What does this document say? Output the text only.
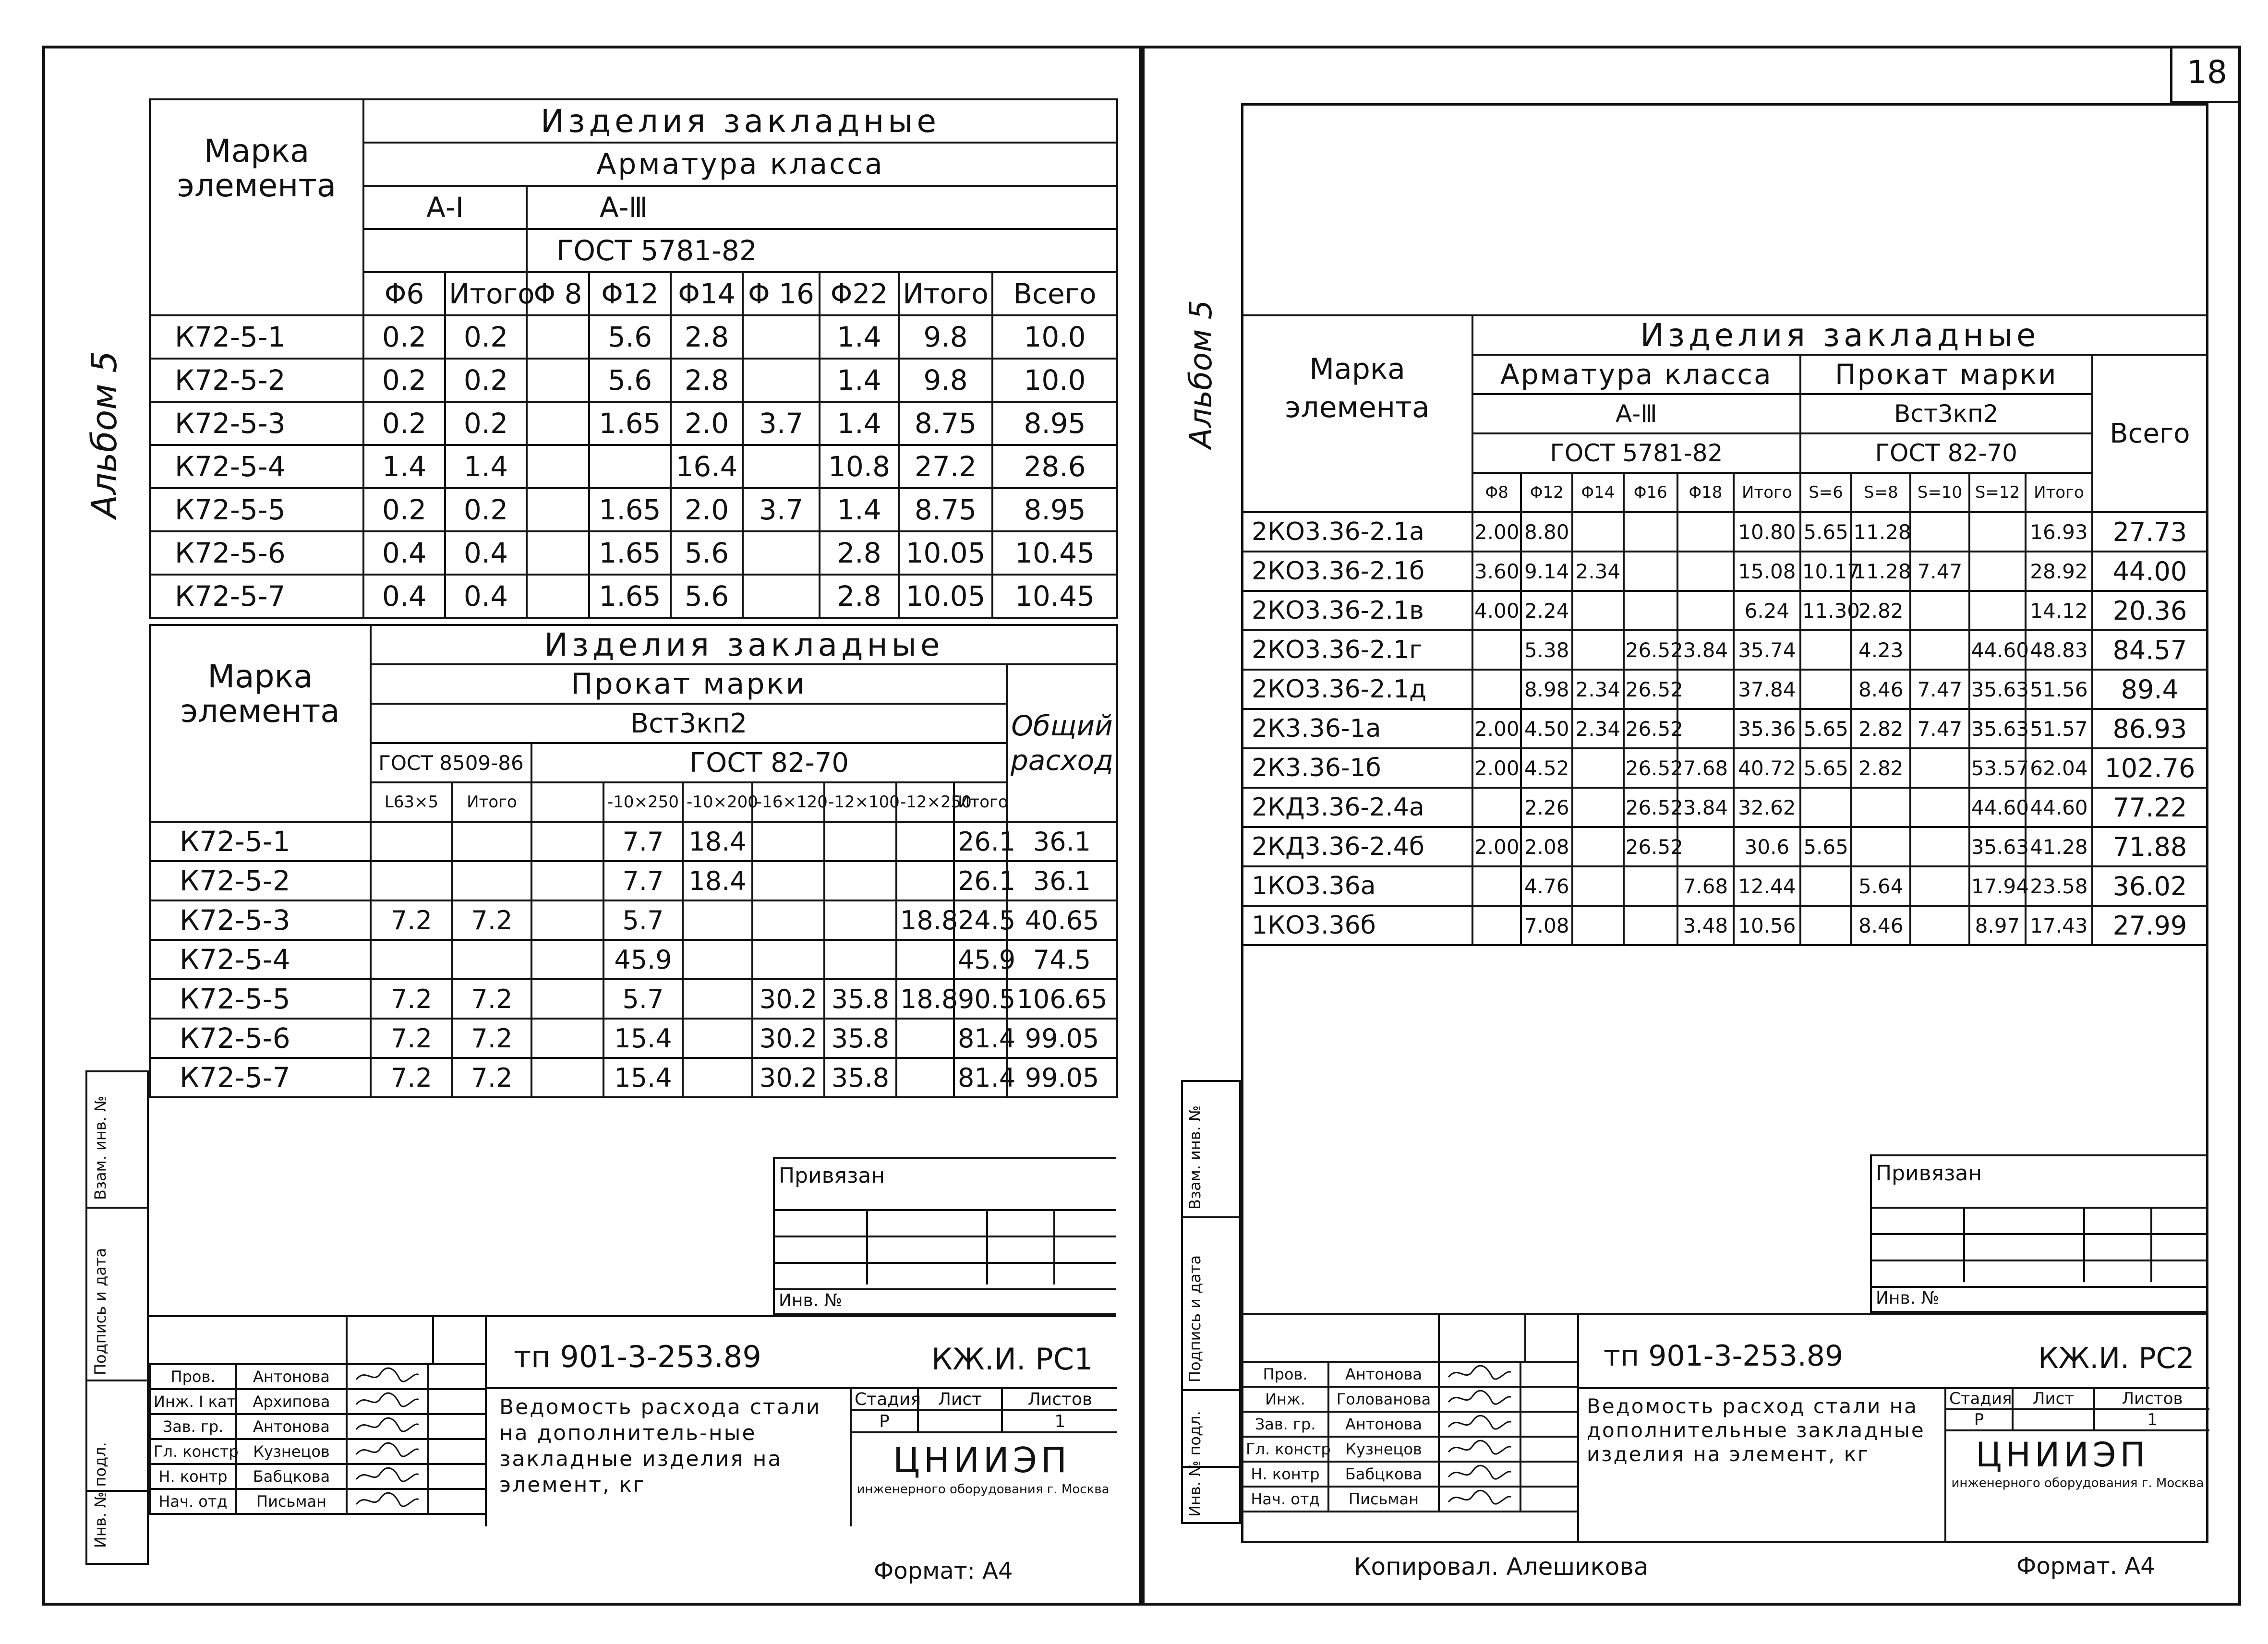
Альбом 5
Марка элемента	Изделия закладные								
	Арматура класса								
	А-I		А-Ⅲ						
			ГОСТ 5781-82						
	Φ6	Итого	Φ 8	Φ12	Φ14	Φ 16	Φ22	Итого	Всего
К72-5-1	0.2	0.2		5.6	2.8		1.4	9.8	10.0
К72-5-2	0.2	0.2		5.6	2.8		1.4	9.8	10.0
К72-5-3	0.2	0.2		1.65	2.0	3.7	1.4	8.75	8.95
К72-5-4	1.4	1.4			16.4		10.8	27.2	28.6
К72-5-5	0.2	0.2		1.65	2.0	3.7	1.4	8.75	8.95
К72-5-6	0.4	0.4		1.65	5.6		2.8	10.05	10.45
К72-5-7	0.4	0.4		1.65	5.6		2.8	10.05	10.45
Марка элемента	Изделия закладные									
	Прокат марки									Общий расход
	Вст3кп2									
	ГОСТ 8509-86		ГОСТ 82-70							
	L63×5	Итого		-10×250	-10×200	-16×120	-12×100	-12×250	Итого	
К72-5-1				7.7	18.4				26.1	36.1
К72-5-2				7.7	18.4				26.1	36.1
К72-5-3	7.2	7.2		5.7				18.8	24.5	40.65
К72-5-4				45.9					45.9	74.5
К72-5-5	7.2	7.2		5.7		30.2	35.8	18.8	90.5	106.65
К72-5-6	7.2	7.2		15.4		30.2	35.8		81.4	99.05
К72-5-7	7.2	7.2		15.4		30.2	35.8		81.4	99.05
Взам. инв. №
Подпись и дата
Инв. № подл.
Привязан
Инв. №
Пров.	Антонова		
Инж. I кат	Архипова		
Зав. гр.	Антонова		
Гл. констр	Кузнецов		
Н. контр	Бабцкова		
Нач. отд	Письман		
тп 901-3-253.89	КЖ.И. РС1
Ведомость расхода стали на дополнитель-ные закладные изделия на элемент, кг
Стадия	Лист	Листов
Р		1
ЦНИИЭП
инженерного оборудования г. Москва
Формат: А4
18
Альбом 5	Марка элемента	Изделия закладные											
	Арматура класса						Прокат марки					Всего
	А-Ⅲ						Вст3кп2					
	ГОСТ 5781-82						ГОСТ 82-70					
	Φ8	Φ12	Φ14	Φ16	Φ18	Итого	S=6	S=8	S=10	S=12	Итого	
2КО3.36-2.1а	2.00	8.80				10.80	5.65	11.28			16.93	27.73
2КО3.36-2.1б	3.60	9.14	2.34			15.08	10.17	11.28	7.47		28.92	44.00
2КО3.36-2.1в	4.00	2.24				6.24	11.30	2.82			14.12	20.36
2КО3.36-2.1г		5.38		26.52	3.84	35.74		4.23		44.60	48.83	84.57
2КО3.36-2.1д		8.98	2.34	26.52		37.84		8.46	7.47	35.63	51.56	89.4
2К3.36-1а	2.00	4.50	2.34	26.52		35.36	5.65	2.82	7.47	35.63	51.57	86.93
2К3.36-1б	2.00	4.52		26.52	7.68	40.72	5.65	2.82		53.57	62.04	102.76
2КД3.36-2.4а		2.26		26.52	3.84	32.62				44.60	44.60	77.22
2КД3.36-2.4б	2.00	2.08		26.52		30.6	5.65			35.63	41.28	71.88
1КО3.36а		4.76			7.68	12.44		5.64		17.94	23.58	36.02
1КО3.36б		7.08			3.48	10.56		8.46		8.97	17.43	27.99
Взам. инв. №
Подпись и дата
Инв. № подл.
Привязан
Инв. №
Пров.	Антонова		
Инж.	Голованова		
Зав. гр.	Антонова		
Гл. констр	Кузнецов		
Н. контр	Бабцкова		
Нач. отд	Письман		
тп 901-3-253.89	КЖ.И. РС2
Ведомость расход стали на дополнительные закладные изделия на элемент, кг
Стадия	Лист	Листов
Р		1
ЦНИИЭП
инженерного оборудования г. Москва
Копировал. Алешикова	Формат. А4
